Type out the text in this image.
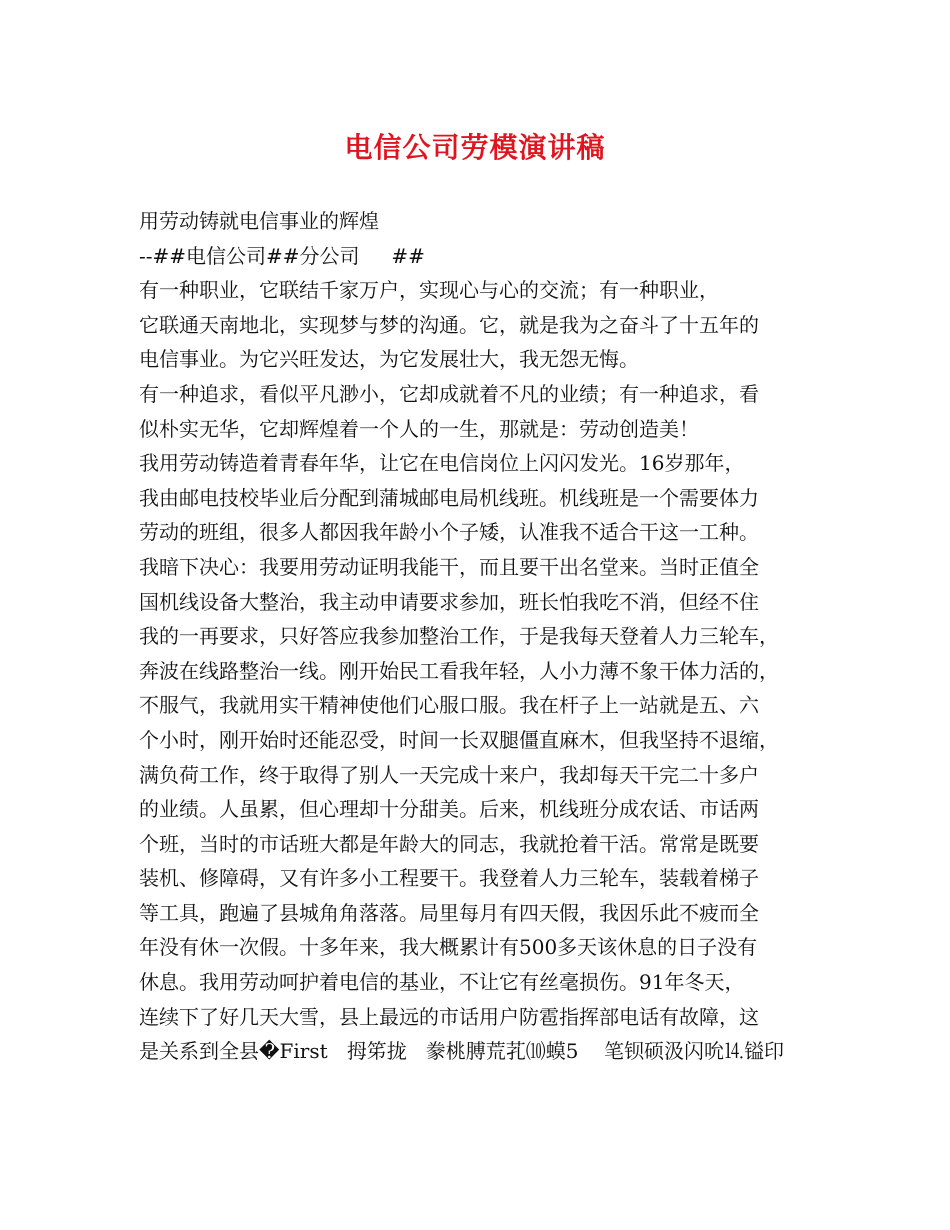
电信公司劳模演讲稿

用劳动铸就电信事业的辉煌

--##电信公司##分公司     ##

有一种职业，它联结千家万户，实现心与心的交流；有一种职业，

它联通天南地北，实现梦与梦的沟通。它，就是我为之奋斗了十五年的

电信事业。为它兴旺发达，为它发展壮大，我无怨无悔。

有一种追求，看似平凡渺小，它却成就着不凡的业绩；有一种追求，看

似朴实无华，它却辉煌着一个人的一生，那就是：劳动创造美！

我用劳动铸造着青春年华，让它在电信岗位上闪闪发光。16岁那年，

我由邮电技校毕业后分配到蒲城邮电局机线班。机线班是一个需要体力

劳动的班组，很多人都因我年龄小个子矮，认准我不适合干这一工种。

我暗下决心：我要用劳动证明我能干，而且要干出名堂来。当时正值全

国机线设备大整治，我主动申请要求参加，班长怕我吃不消，但经不住

我的一再要求，只好答应我参加整治工作，于是我每天登着人力三轮车，

奔波在线路整治一线。刚开始民工看我年轻，人小力薄不象干体力活的，

不服气，我就用实干精神使他们心服口服。我在杆子上一站就是五、六

个小时，刚开始时还能忍受，时间一长双腿僵直麻木，但我坚持不退缩，

满负荷工作，终于取得了别人一天完成十来户，我却每天干完二十多户

的业绩。人虽累，但心理却十分甜美。后来，机线班分成农话、市话两

个班，当时的市话班大都是年龄大的同志，我就抢着干活。常常是既要

装机、修障碍，又有许多小工程要干。我登着人力三轮车，装载着梯子

等工具，跑遍了县城角角落落。局里每月有四天假，我因乐此不疲而全

年没有休一次假。十多年来，我大概累计有500多天该休息的日子没有

休息。我用劳动呵护着电信的基业，不让它有丝毫损伤。91年冬天，

连续下了好几天大雪，县上最远的市话用户防雹指挥部电话有故障，这

是关系到全县�First   拇笫拢   豢桃膊荒芤⑽蟆5    笔钡硕汲闪吮⒕镒印
